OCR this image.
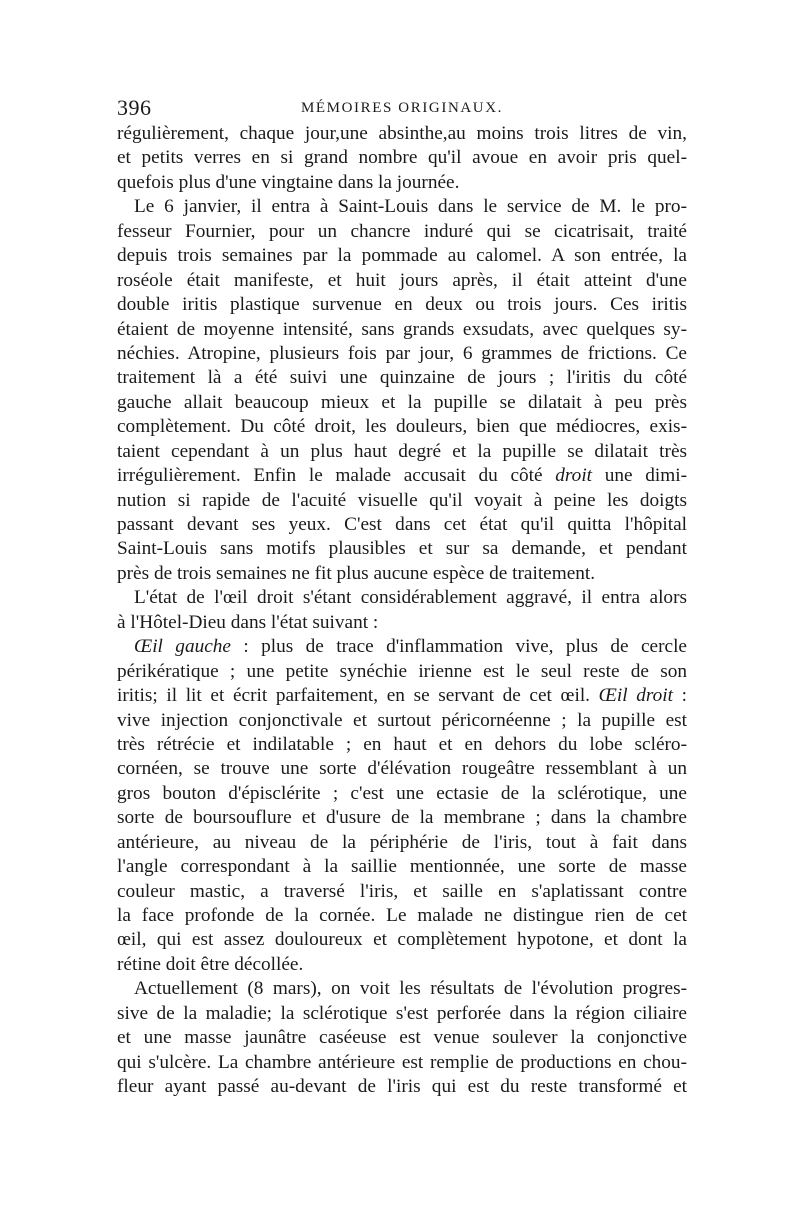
396	MÉMOIRES ORIGINAUX.
régulièrement, chaque jour,une absinthe,au moins trois litres de vin,
et petits verres en si grand nombre qu'il avoue en avoir pris quel-
quefois plus d'une vingtaine dans la journée.
Le 6 janvier, il entra à Saint-Louis dans le service de M. le pro-
fesseur Fournier, pour un chancre induré qui se cicatrisait, traité
depuis trois semaines par la pommade au calomel. A son entrée, la
roséole était manifeste, et huit jours après, il était atteint d'une
double iritis plastique survenue en deux ou trois jours. Ces iritis
étaient de moyenne intensité, sans grands exsudats, avec quelques sy-
néchies. Atropine, plusieurs fois par jour, 6 grammes de frictions. Ce
traitement là a été suivi une quinzaine de jours ; l'iritis du côté
gauche allait beaucoup mieux et la pupille se dilatait à peu près
complètement. Du côté droit, les douleurs, bien que médiocres, exis-
taient cependant à un plus haut degré et la pupille se dilatait très
irrégulièrement. Enfin le malade accusait du côté droit une dimi-
nution si rapide de l'acuité visuelle qu'il voyait à peine les doigts
passant devant ses yeux. C'est dans cet état qu'il quitta l'hôpital
Saint-Louis sans motifs plausibles et sur sa demande, et pendant
près de trois semaines ne fit plus aucune espèce de traitement.
L'état de l'œil droit s'étant considérablement aggravé, il entra alors
à l'Hôtel-Dieu dans l'état suivant :
Œil gauche : plus de trace d'inflammation vive, plus de cercle
périkératique ; une petite synéchie irienne est le seul reste de son
iritis; il lit et écrit parfaitement, en se servant de cet œil. Œil droit :
vive injection conjonctivale et surtout péricornéenne ; la pupille est
très rétrécie et indilatable ; en haut et en dehors du lobe scléro-
cornéen, se trouve une sorte d'élévation rougeâtre ressemblant à un
gros bouton d'épisclérite ; c'est une ectasie de la sclérotique, une
sorte de boursouflure et d'usure de la membrane ; dans la chambre
antérieure, au niveau de la périphérie de l'iris, tout à fait dans
l'angle correspondant à la saillie mentionnée, une sorte de masse
couleur mastic, a traversé l'iris, et saille en s'aplatissant contre
la face profonde de la cornée. Le malade ne distingue rien de cet
œil, qui est assez douloureux et complètement hypotone, et dont la
rétine doit être décollée.
Actuellement (8 mars), on voit les résultats de l'évolution progres-
sive de la maladie; la sclérotique s'est perforée dans la région ciliaire
et une masse jaunâtre caséeuse est venue soulever la conjonctive
qui s'ulcère. La chambre antérieure est remplie de productions en chou-
fleur ayant passé au-devant de l'iris qui est du reste transformé et
